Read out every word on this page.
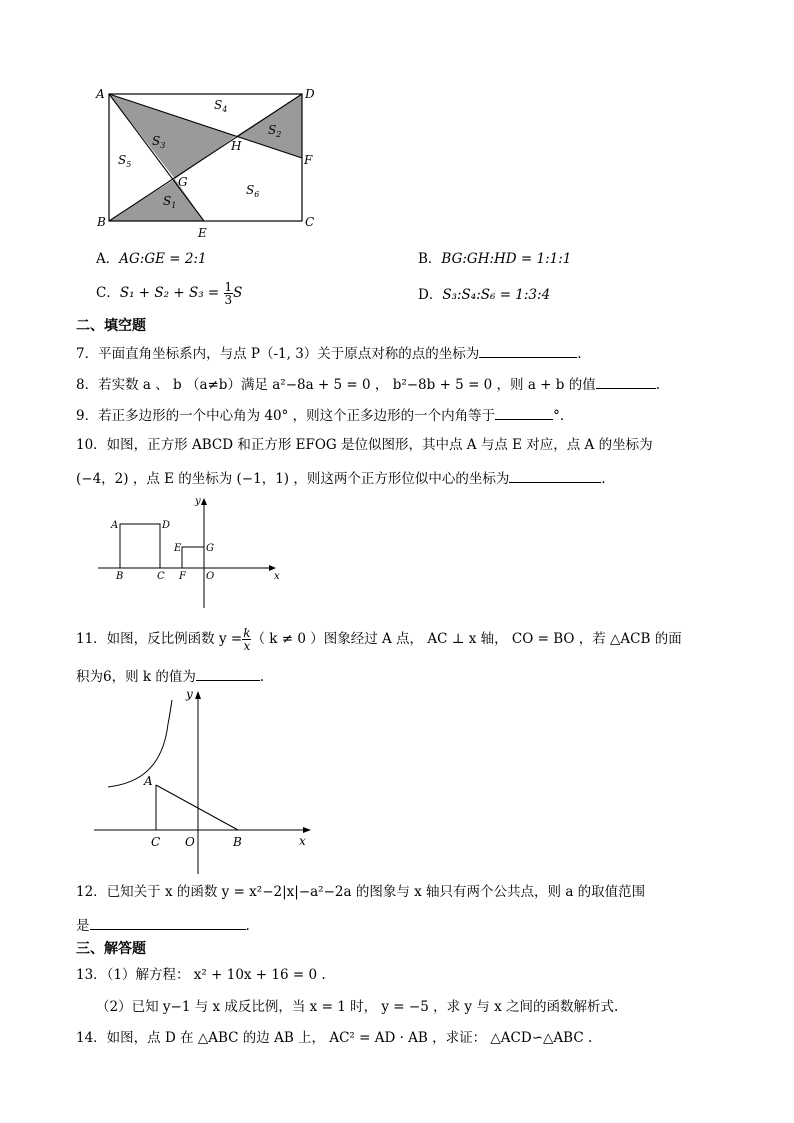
A	D
B	C
E
F
G
H
$S_4$
$S_3$
$S_2$
$S_5$
$S_6$
$S_1$
A．AG:GE = 2:1	B．BG:GH:HD = 1:1:1
C．$S_1 + S_2 + S_3 = \frac{1}{3}$ S	D．S₃:S₄:S₆ = 1:3:4
二、填空题
7．平面直角坐标系内，与点 P（-1, 3）关于原点对称的点的坐标为	.
8．若实数 a 、 b （a≠b）满足 a²−8a + 5 = 0 ， b²−8b + 5 = 0 ，则 a + b 的值	.
9．若正多边形的一个中心角为 40° ，则这个正多边形的一个内角等于	°.
10．如图，正方形 ABCD 和正方形 EFOG 是位似图形，其中点 A 与点 E 对应，点 A 的坐标为
(−4，2) ，点 E 的坐标为 (−1，1) ，则这两个正方形位似中心的坐标为	.
A	D
B	C
E G
F O	x
y
11．如图，反比例函数 $y = \frac{k}{x}$ （ k ≠ 0 ）图象经过 A 点， AC ⊥ x 轴， CO = BO ，若 △ACB 的面
积为6，则 k 的值为	.
A
C O	B	x
y
12．已知关于 x 的函数 y = x²−2|x|−a²−2a 的图象与 x 轴只有两个公共点，则 a 的取值范围
是	.
三、解答题
13．（1）解方程： x² + 10x + 16 = 0 .
（2）已知 y−1 与 x 成反比例，当 x = 1 时， y = −5 ，求 y 与 x 之间的函数解析式.
14．如图，点 D 在 △ABC 的边 AB 上， AC² = AD · AB ，求证： △ACD∽△ABC .
